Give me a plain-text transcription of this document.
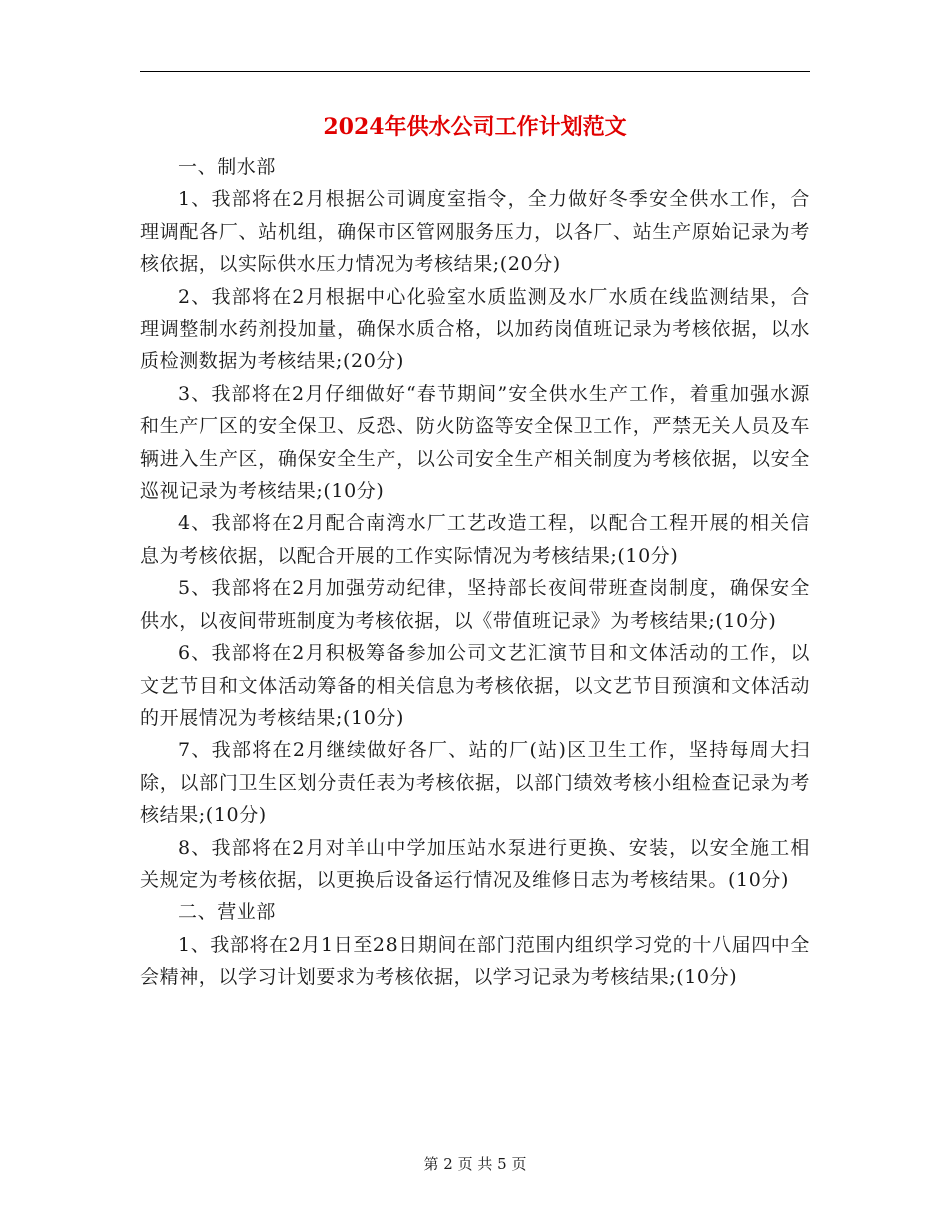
2024年供水公司工作计划范文

一、制水部

1、我部将在2月根据公司调度室指令，全力做好冬季安全供水工作，合理调配各厂、站机组，确保市区管网服务压力，以各厂、站生产原始记录为考核依据，以实际供水压力情况为考核结果;(20分)

2、我部将在2月根据中心化验室水质监测及水厂水质在线监测结果，合理调整制水药剂投加量，确保水质合格，以加药岗值班记录为考核依据，以水质检测数据为考核结果;(20分)

3、我部将在2月仔细做好“春节期间”安全供水生产工作，着重加强水源和生产厂区的安全保卫、反恐、防火防盗等安全保卫工作，严禁无关人员及车辆进入生产区，确保安全生产，以公司安全生产相关制度为考核依据，以安全巡视记录为考核结果;(10分)

4、我部将在2月配合南湾水厂工艺改造工程，以配合工程开展的相关信息为考核依据，以配合开展的工作实际情况为考核结果;(10分)

5、我部将在2月加强劳动纪律，坚持部长夜间带班查岗制度，确保安全供水，以夜间带班制度为考核依据，以《带值班记录》为考核结果;(10分)

6、我部将在2月积极筹备参加公司文艺汇演节目和文体活动的工作，以文艺节目和文体活动筹备的相关信息为考核依据，以文艺节目预演和文体活动的开展情况为考核结果;(10分)

7、我部将在2月继续做好各厂、站的厂(站)区卫生工作，坚持每周大扫除，以部门卫生区划分责任表为考核依据，以部门绩效考核小组检查记录为考核结果;(10分)

8、我部将在2月对羊山中学加压站水泵进行更换、安装，以安全施工相关规定为考核依据，以更换后设备运行情况及维修日志为考核结果。(10分)

二、营业部

1、我部将在2月1日至28日期间在部门范围内组织学习党的十八届四中全会精神，以学习计划要求为考核依据，以学习记录为考核结果;(10分)

第 2 页 共 5 页
